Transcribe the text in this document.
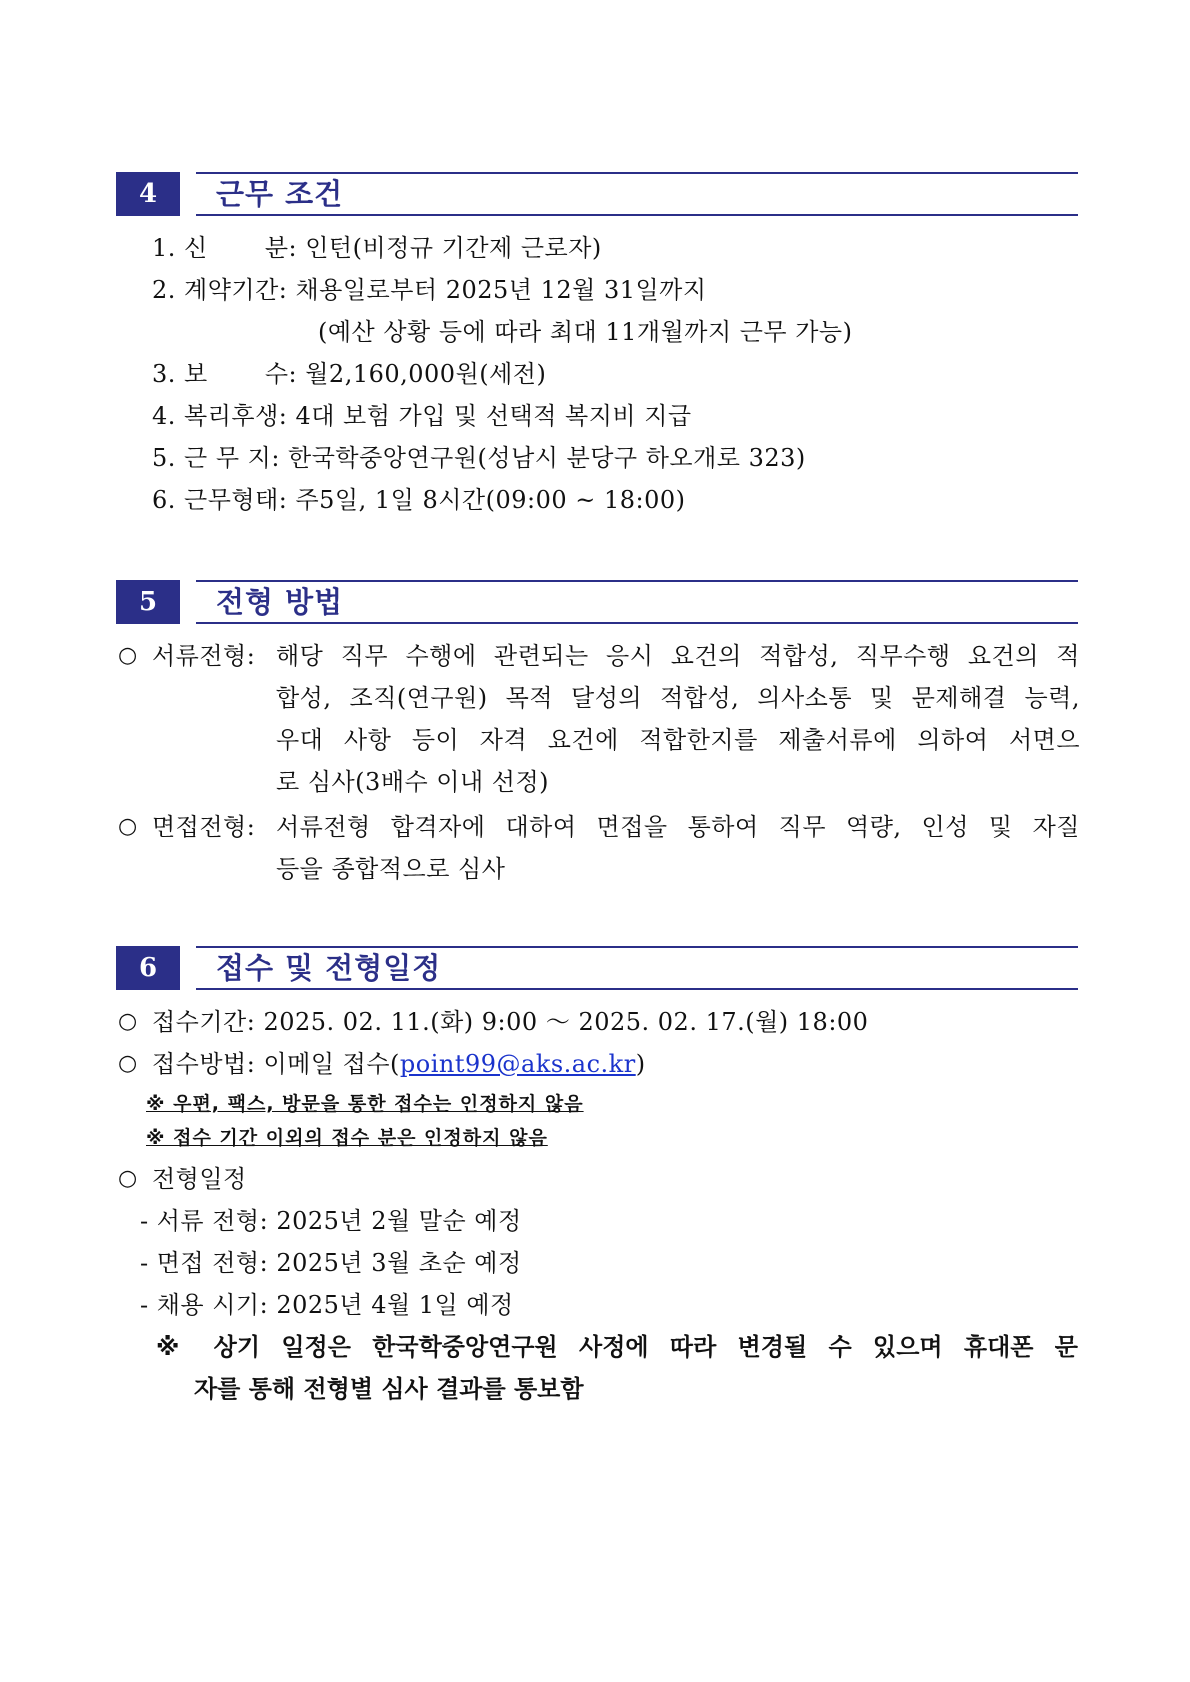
4	근무 조건
1. 신　 　분: 인턴(비정규 기간제 근로자)
2. 계약기간: 채용일로부터 2025년 12월 31일까지
(예산 상황 등에 따라 최대 11개월까지 근무 가능)
3. 보　 　수: 월2,160,000원(세전)
4. 복리후생: 4대 보험 가입 및 선택적 복지비 지급
5. 근 무 지: 한국학중앙연구원(성남시 분당구 하오개로 323)
6. 근무형태: 주5일, 1일 8시간(09:00 ~ 18:00)
5	전형 방법
○ 서류전형: 해당 직무 수행에 관련되는 응시 요건의 적합성, 직무수행 요건의 적
합성, 조직(연구원) 목적 달성의 적합성, 의사소통 및 문제해결 능력,
우대 사항 등이 자격 요건에 적합한지를 제출서류에 의하여 서면으
로 심사(3배수 이내 선정)
○ 면접전형: 서류전형 합격자에 대하여 면접을 통하여 직무 역량, 인성 및 자질
등을 종합적으로 심사
6	접수 및 전형일정
○ 접수기간: 2025. 02. 11.(화) 9:00 ～ 2025. 02. 17.(월) 18:00
○ 접수방법: 이메일 접수(point99@aks.ac.kr)
※ 우편, 팩스, 방문을 통한 접수는 인정하지 않음
※ 접수 기간 이외의 접수 분은 인정하지 않음
○ 전형일정
- 서류 전형: 2025년 2월 말순 예정
- 면접 전형: 2025년 3월 초순 예정
- 채용 시기: 2025년 4월 1일 예정
※ 상기 일정은 한국학중앙연구원 사정에 따라 변경될 수 있으며 휴대폰 문
자를 통해 전형별 심사 결과를 통보함
